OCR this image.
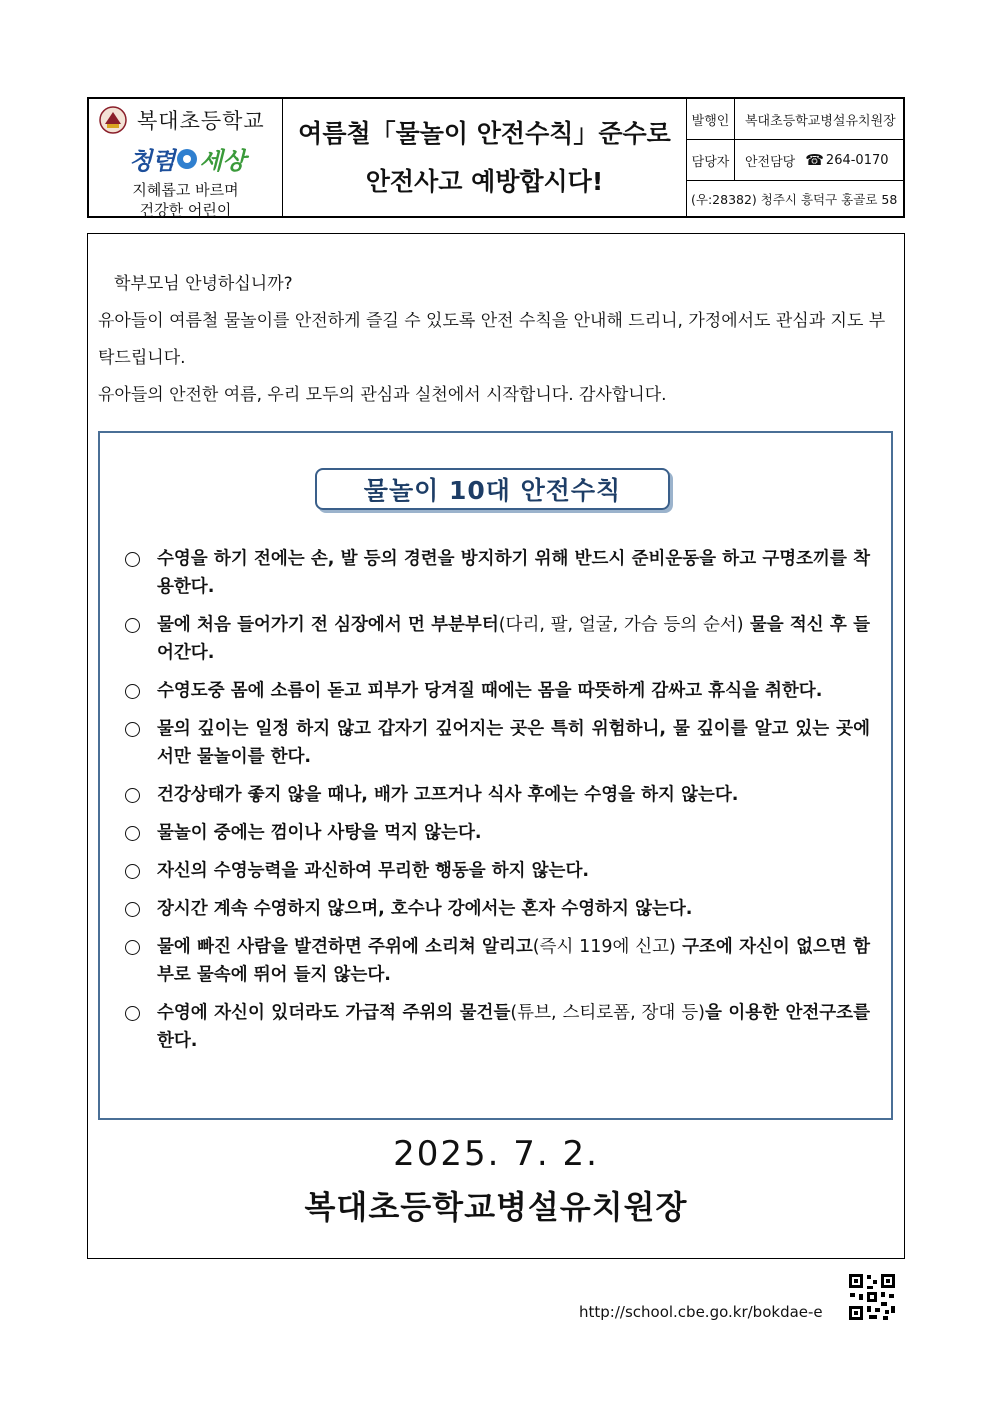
복대초등학교
청렴 세상
지혜롭고 바르며
건강한 어린이
여름철「물놀이 안전수칙」준수로
안전사고 예방합시다!
발행인	복대초등학교병설유치원장
담당자	안전담당 ☎ 264-0170
(우:28382) 청주시 흥덕구 홍골로 58

학부모님 안녕하십니까?

유아들이 여름철 물놀이를 안전하게 즐길 수 있도록 안전 수칙을 안내해 드리니, 가정에서도 관심과 지도 부탁드립니다.

유아들의 안전한 여름, 우리 모두의 관심과 실천에서 시작합니다. 감사합니다.

물놀이 10대 안전수칙
수영을 하기 전에는 손, 발 등의 경련을 방지하기 위해 반드시 준비운동을 하고 구명조끼를 착용한다.
물에 처음 들어가기 전 심장에서 먼 부분부터(다리, 팔, 얼굴, 가슴 등의 순서) 물을 적신 후 들어간다.
수영도중 몸에 소름이 돋고 피부가 당겨질 때에는 몸을 따뜻하게 감싸고 휴식을 취한다.
물의 깊이는 일정 하지 않고 갑자기 깊어지는 곳은 특히 위험하니, 물 깊이를 알고 있는 곳에서만 물놀이를 한다.
건강상태가 좋지 않을 때나, 배가 고프거나 식사 후에는 수영을 하지 않는다.
물놀이 중에는 껌이나 사탕을 먹지 않는다.
자신의 수영능력을 과신하여 무리한 행동을 하지 않는다.
장시간 계속 수영하지 않으며, 호수나 강에서는 혼자 수영하지 않는다.
물에 빠진 사람을 발견하면 주위에 소리쳐 알리고(즉시 119에 신고) 구조에 자신이 없으면 함부로 물속에 뛰어 들지 않는다.
수영에 자신이 있더라도 가급적 주위의 물건들(튜브, 스티로폼, 장대 등)을 이용한 안전구조를 한다.
2025. 7. 2.
복대초등학교병설유치원장
http://school.cbe.go.kr/bokdae-e
